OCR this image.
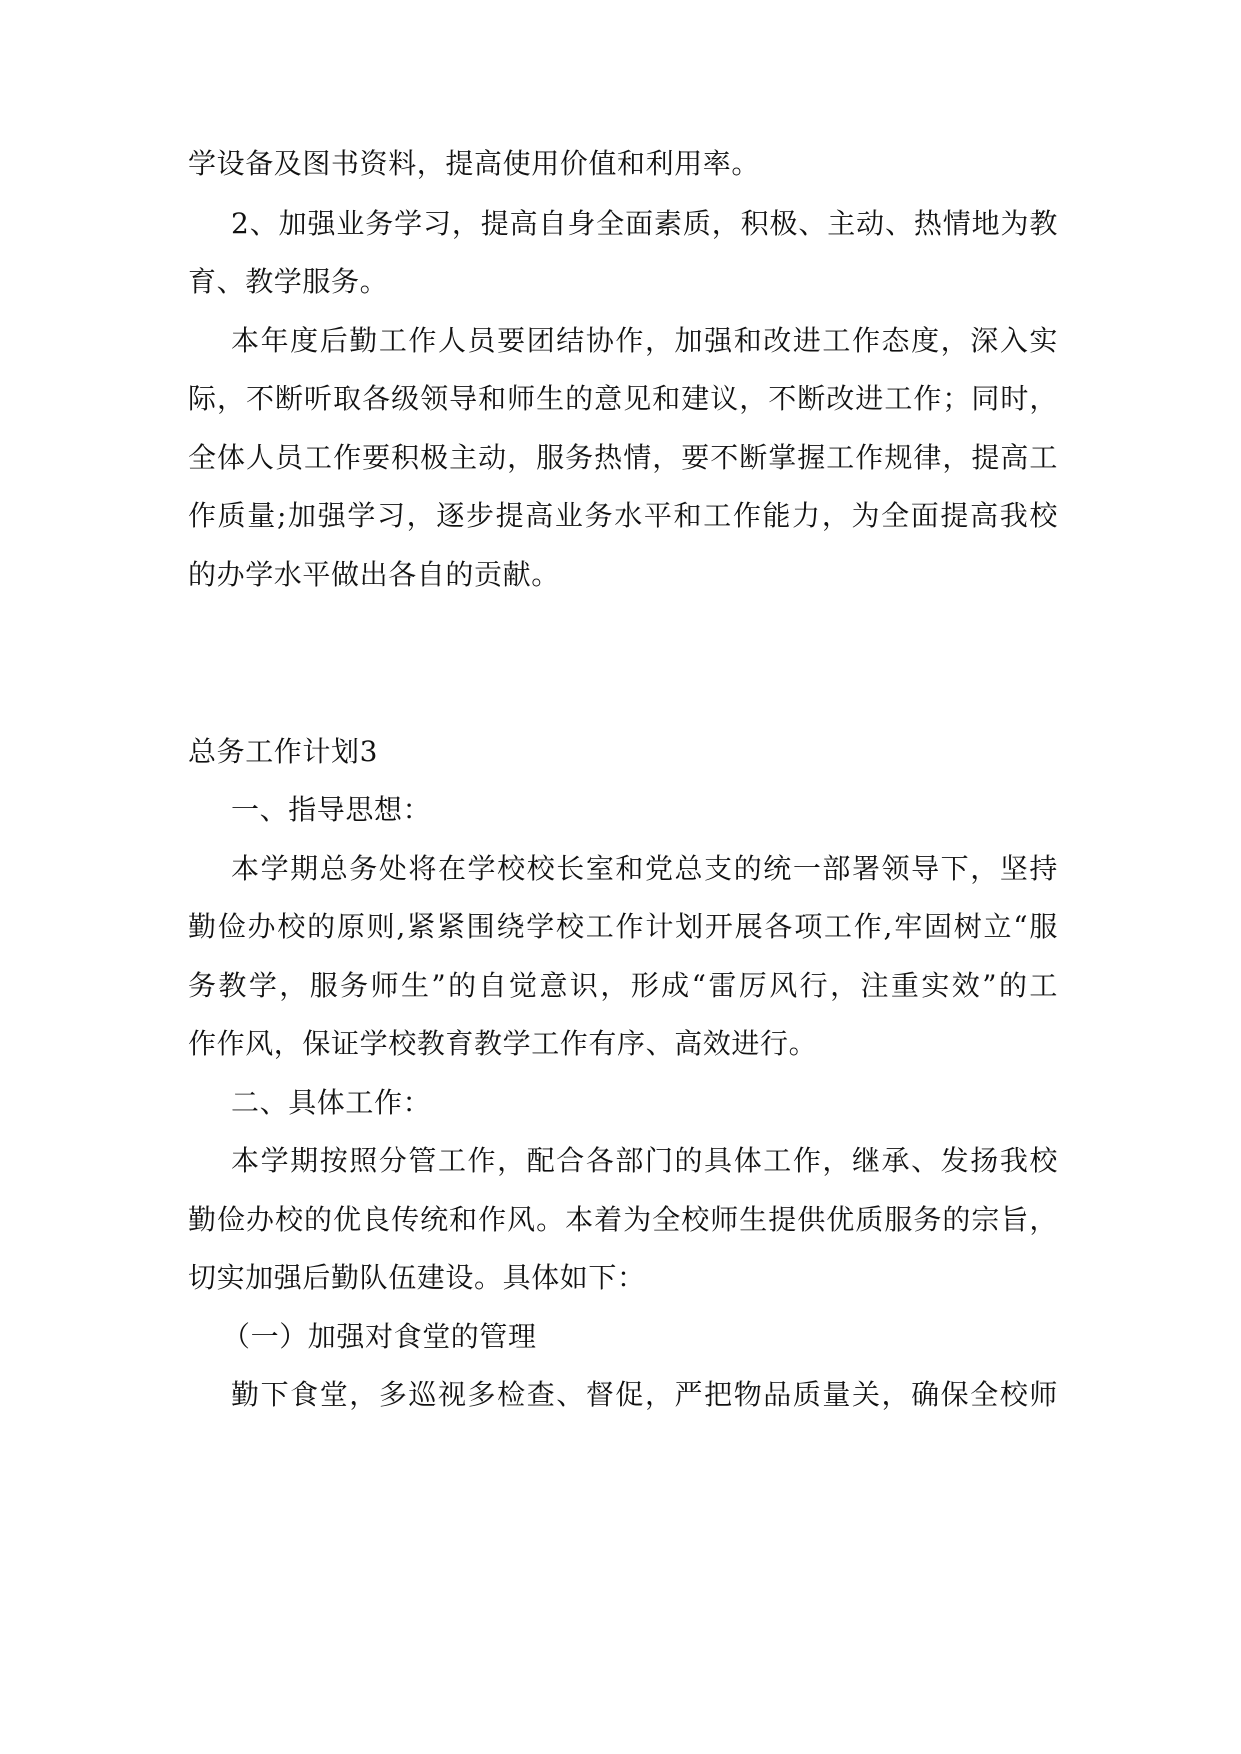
学设备及图书资料，提高使用价值和利用率。
2、加强业务学习，提高自身全面素质，积极、主动、热情地为教
育、教学服务。
本年度后勤工作人员要团结协作，加强和改进工作态度，深入实
际，不断听取各级领导和师生的意见和建议，不断改进工作；同时，
全体人员工作要积极主动，服务热情，要不断掌握工作规律，提高工
作质量;加强学习，逐步提高业务水平和工作能力，为全面提高我校
的办学水平做出各自的贡献。
总务工作计划3
一、指导思想：
本学期总务处将在学校校长室和党总支的统一部署领导下，坚持
勤俭办校的原则,紧紧围绕学校工作计划开展各项工作,牢固树立“服
务教学，服务师生”的自觉意识，形成“雷厉风行，注重实效”的工
作作风，保证学校教育教学工作有序、高效进行。
二、具体工作：
本学期按照分管工作，配合各部门的具体工作，继承、发扬我校
勤俭办校的优良传统和作风。本着为全校师生提供优质服务的宗旨，
切实加强后勤队伍建设。具体如下：
（一）加强对食堂的管理
勤下食堂，多巡视多检查、督促，严把物品质量关，确保全校师
